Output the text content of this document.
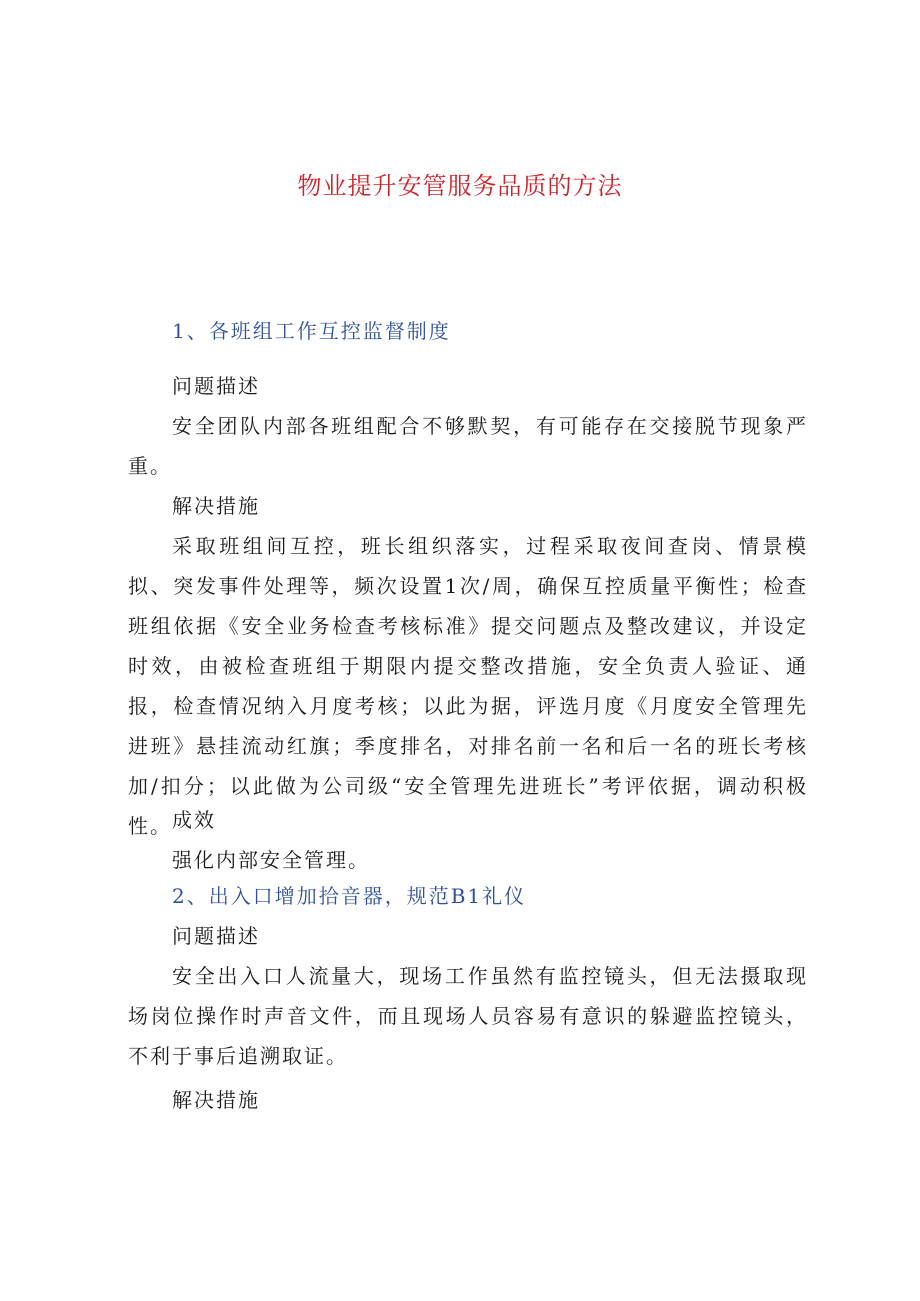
物业提升安管服务品质的方法
1、各班组工作互控监督制度
问题描述
安全团队内部各班组配合不够默契，有可能存在交接脱节现象严重。
解决措施
采取班组间互控，班长组织落实，过程采取夜间查岗、情景模拟、突发事件处理等，频次设置1次/周，确保互控质量平衡性；检查班组依据《安全业务检查考核标准》提交问题点及整改建议，并设定时效，由被检查班组于期限内提交整改措施，安全负责人验证、通报，检查情况纳入月度考核；以此为据，评选月度《月度安全管理先进班》悬挂流动红旗；季度排名，对排名前一名和后一名的班长考核加/扣分；以此做为公司级“安全管理先进班长”考评依据，调动积极性。 成效
强化内部安全管理。
2、出入口增加拾音器，规范B1礼仪
问题描述
安全出入口人流量大，现场工作虽然有监控镜头，但无法摄取现场岗位操作时声音文件，而且现场人员容易有意识的躲避监控镜头，不利于事后追溯取证。
解决措施
